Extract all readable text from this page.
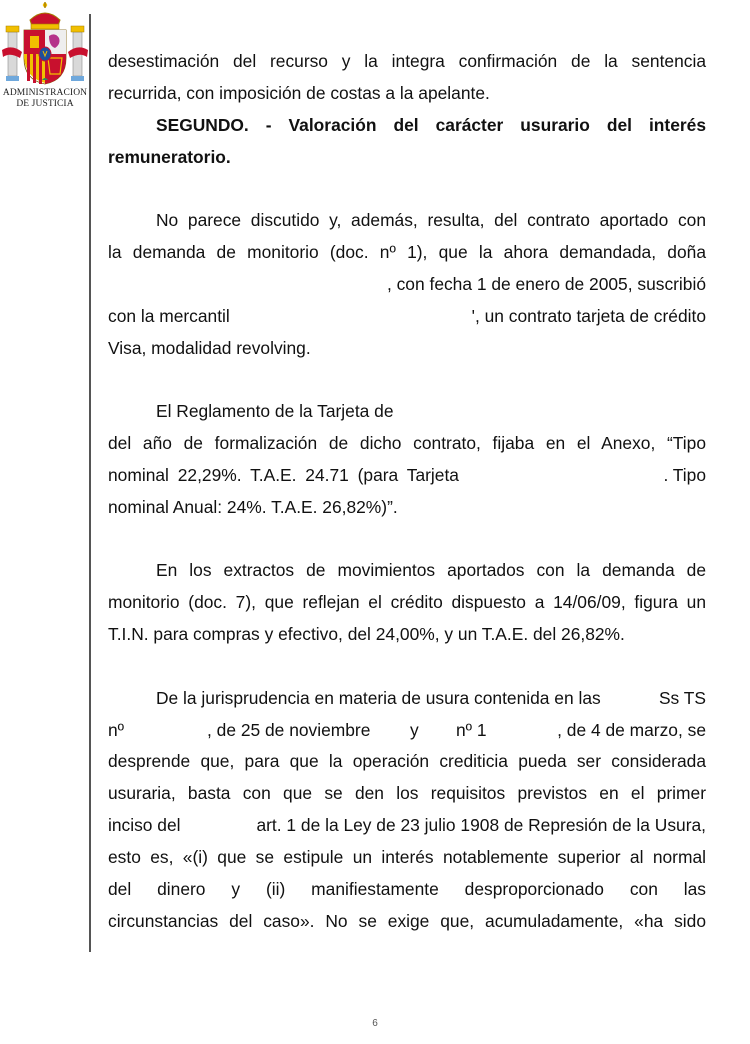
ADMINISTRACION
DE JUSTICIA
desestimación del recurso y la integra confirmación de la sentencia
recurrida, con imposición de costas a la apelante.
SEGUNDO. - Valoración del carácter usurario del interés
remuneratorio.
No parece discutido y, además, resulta, del contrato aportado con
la demanda de monitorio (doc. nº 1), que la ahora demandada, doña
, con fecha 1 de enero de 2005, suscribió
con la mercantil	', un contrato tarjeta de crédito
Visa, modalidad revolving.
El Reglamento de la Tarjeta de
del año de formalización de dicho contrato, fijaba en el Anexo, “Tipo
nominal 22,29%. T.A.E. 24.71 (para Tarjeta	. Tipo
nominal Anual: 24%. T.A.E. 26,82%)”.
En los extractos de movimientos aportados con la demanda de
monitorio (doc. 7), que reflejan el crédito dispuesto a 14/06/09, figura un
T.I.N. para compras y efectivo, del 24,00%, y un T.A.E. del 26,82%.
De la jurisprudencia en materia de usura contenida en las	Ss TS
nº	, de 25 de noviembre y nº 1	, de 4 de marzo, se
desprende que, para que la operación crediticia pueda ser considerada
usuraria, basta con que se den los requisitos previstos en el primer
inciso del	art. 1 de la Ley de 23 julio 1908 de Represión de la Usura,
esto es, «(i) que se estipule un interés notablemente superior al normal
del dinero y (ii) manifiestamente desproporcionado con las
circunstancias del caso». No se exige que, acumuladamente, «ha sido
6
